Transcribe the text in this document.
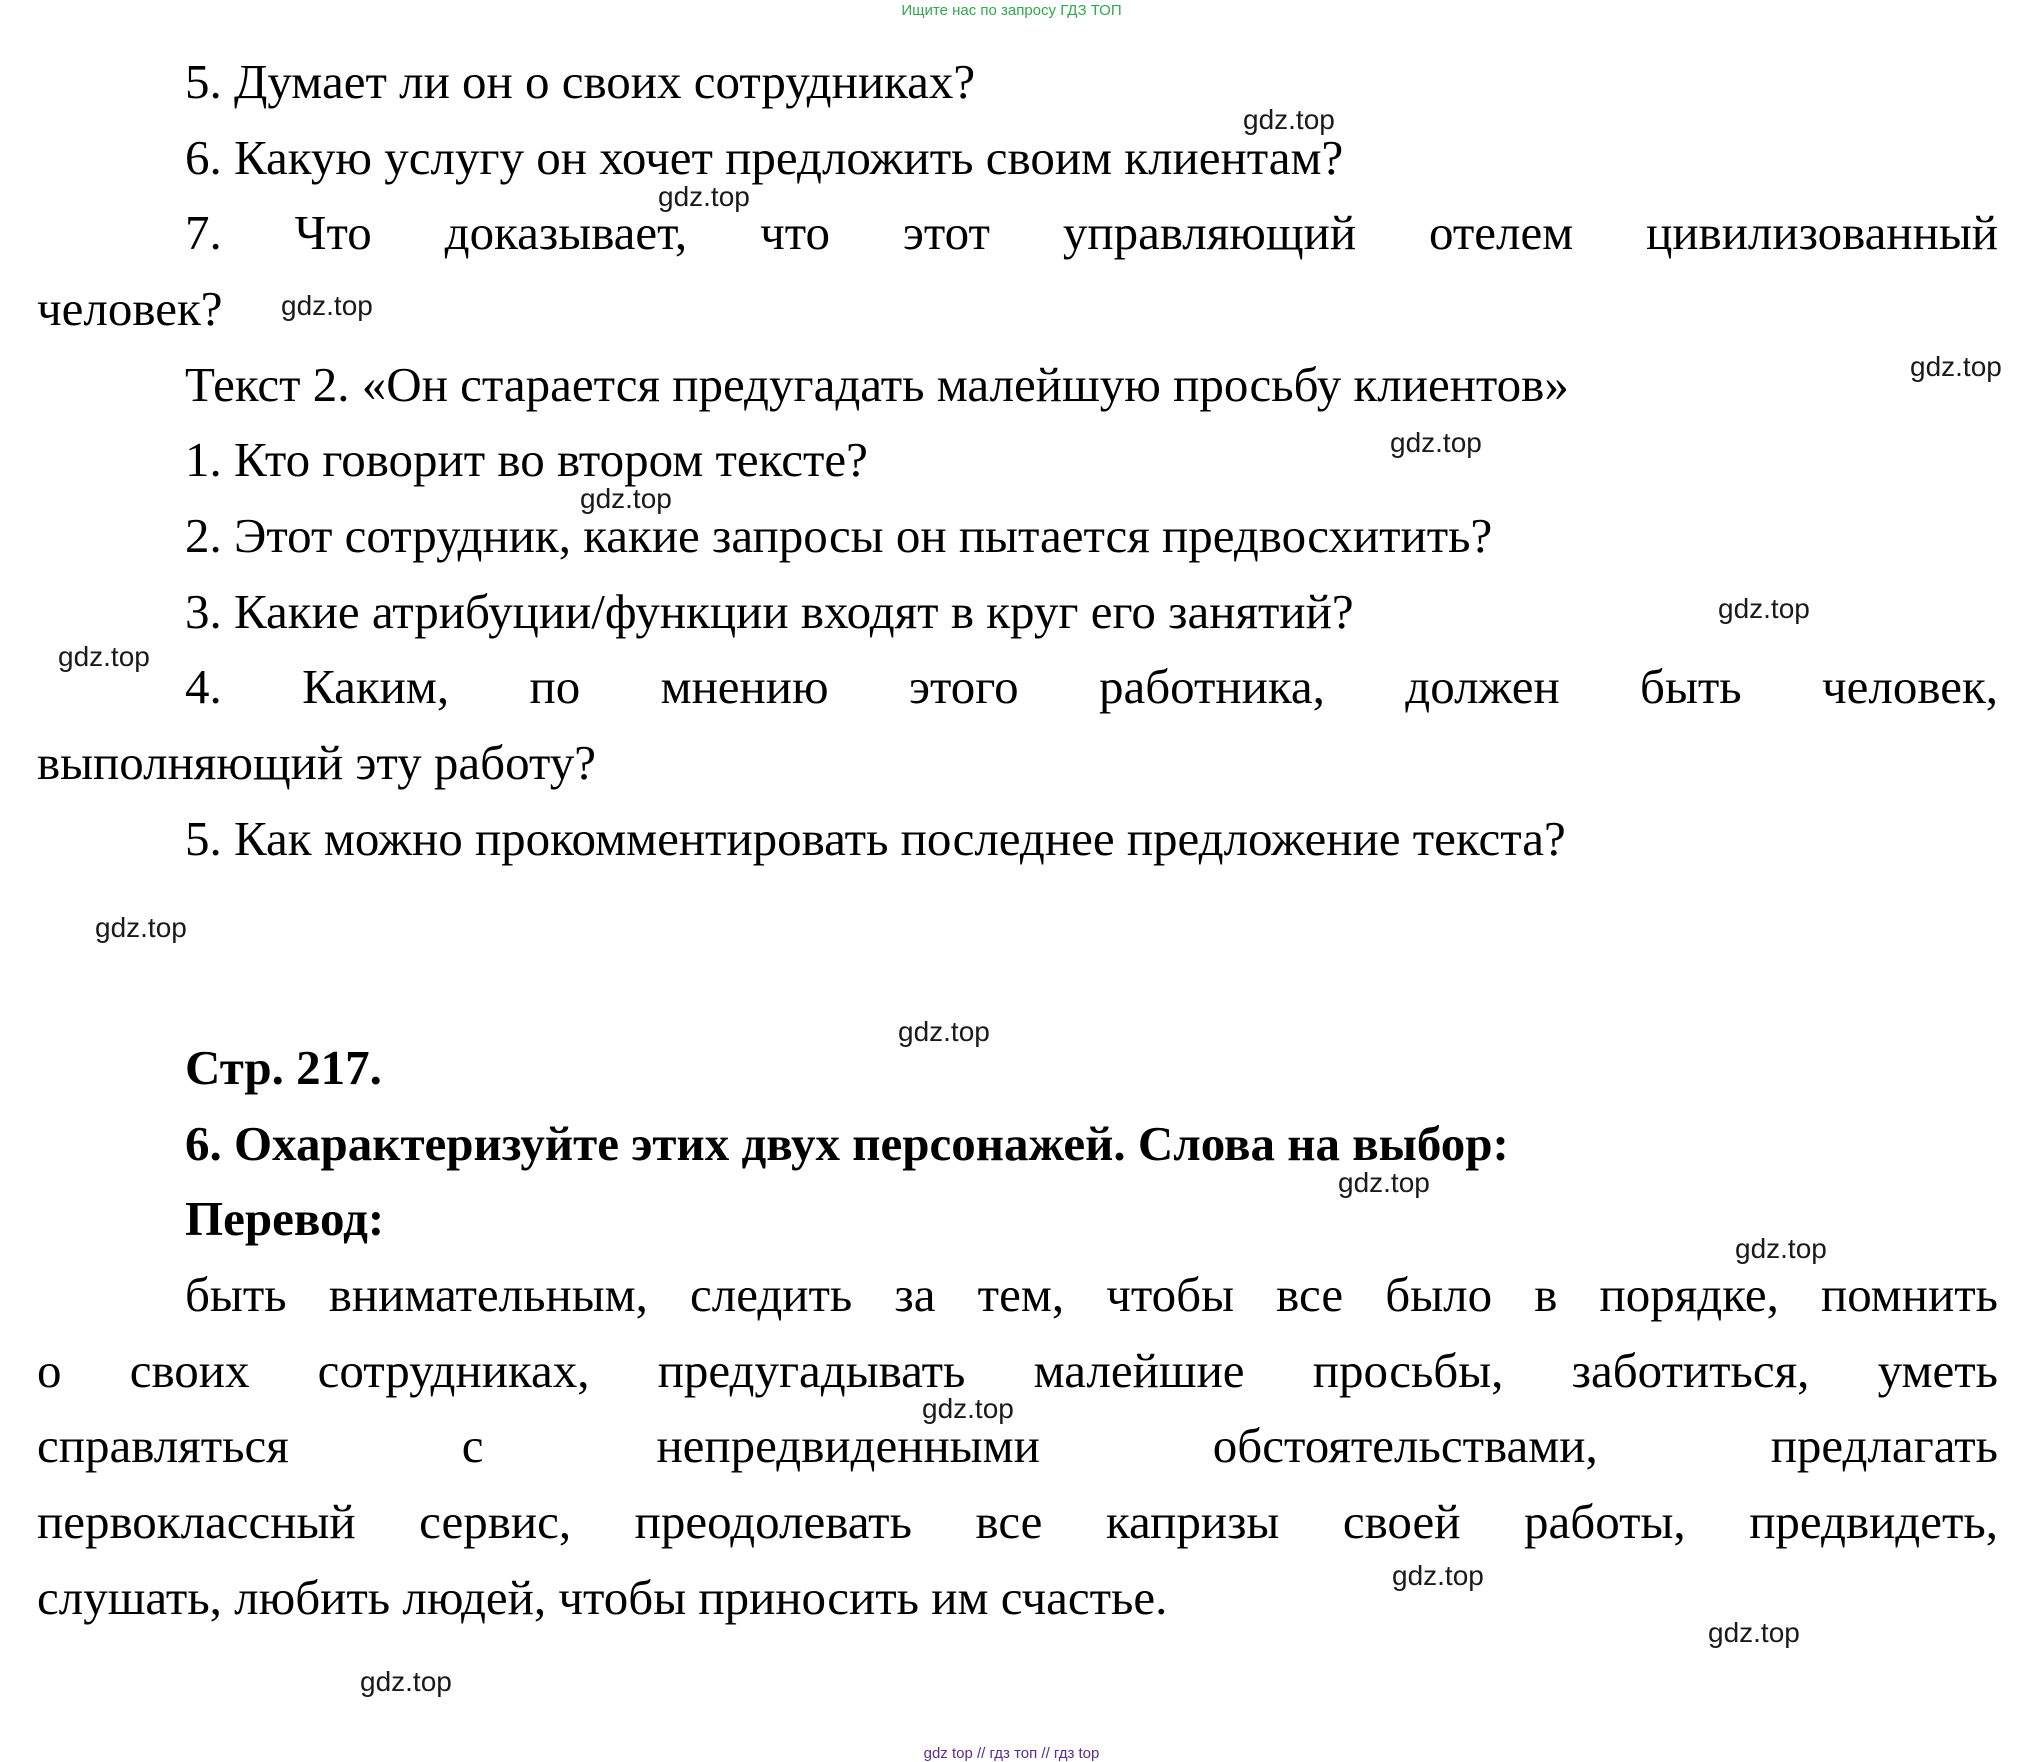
Ищите нас по запросу ГДЗ ТОП
5. Думает ли он о своих сотрудниках?
6. Какую услугу он хочет предложить своим клиентам?
7. Что доказывает, что этот управляющий отелем цивилизованный
человек?
Текст 2. «Он старается предугадать малейшую просьбу клиентов»
1. Кто говорит во втором тексте?
2. Этот сотрудник, какие запросы он пытается предвосхитить?
3. Какие атрибуции/функции входят в круг его занятий?
4. Каким, по мнению этого работника, должен быть человек,
выполняющий эту работу?
5. Как можно прокомментировать последнее предложение текста?
Стр. 217.
6. Охарактеризуйте этих двух персонажей. Слова на выбор:
Перевод:
быть внимательным, следить за тем, чтобы все было в порядке, помнить
о своих сотрудниках, предугадывать малейшие просьбы, заботиться, уметь
справляться с непредвиденными обстоятельствами, предлагать
первоклассный сервис, преодолевать все капризы своей работы, предвидеть,
слушать, любить людей, чтобы приносить им счастье.
gdz.top
gdz.top
gdz.top
gdz.top
gdz.top
gdz.top
gdz.top
gdz.top
gdz.top
gdz.top
gdz.top
gdz.top
gdz.top
gdz.top
gdz.top
gdz.top
gdz top // гдз топ // гдз top
